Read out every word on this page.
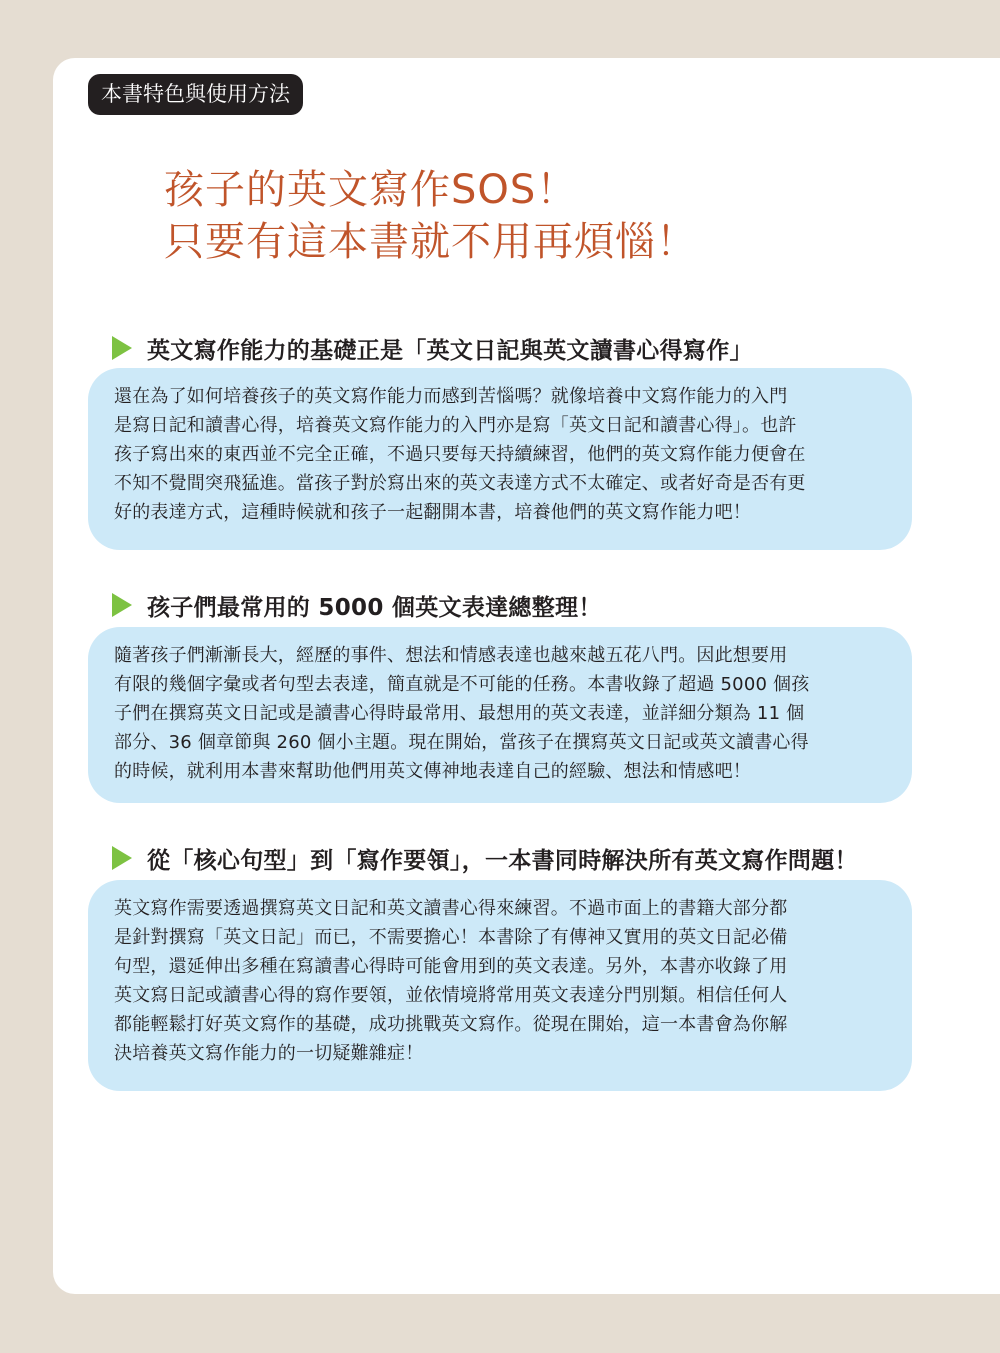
本書特色與使用方法
孩子的英文寫作SOS！
只要有這本書就不用再煩惱！
英文寫作能力的基礎正是「英文日記與英文讀書心得寫作」
還在為了如何培養孩子的英文寫作能力而感到苦惱嗎？就像培養中文寫作能力的入門
是寫日記和讀書心得，培養英文寫作能力的入門亦是寫「英文日記和讀書心得」。也許
孩子寫出來的東西並不完全正確，不過只要每天持續練習，他們的英文寫作能力便會在
不知不覺間突飛猛進。當孩子對於寫出來的英文表達方式不太確定、或者好奇是否有更
好的表達方式，這種時候就和孩子一起翻開本書，培養他們的英文寫作能力吧！
孩子們最常用的 5000 個英文表達總整理！
隨著孩子們漸漸長大，經歷的事件、想法和情感表達也越來越五花八門。因此想要用
有限的幾個字彙或者句型去表達，簡直就是不可能的任務。本書收錄了超過 5000 個孩
子們在撰寫英文日記或是讀書心得時最常用、最想用的英文表達，並詳細分類為 11 個
部分、36 個章節與 260 個小主題。現在開始，當孩子在撰寫英文日記或英文讀書心得
的時候，就利用本書來幫助他們用英文傳神地表達自己的經驗、想法和情感吧！
從「核心句型」到「寫作要領」，一本書同時解決所有英文寫作問題！
英文寫作需要透過撰寫英文日記和英文讀書心得來練習。不過市面上的書籍大部分都
是針對撰寫「英文日記」而已，不需要擔心！本書除了有傳神又實用的英文日記必備
句型，還延伸出多種在寫讀書心得時可能會用到的英文表達。另外，本書亦收錄了用
英文寫日記或讀書心得的寫作要領，並依情境將常用英文表達分門別類。相信任何人
都能輕鬆打好英文寫作的基礎，成功挑戰英文寫作。從現在開始，這一本書會為你解
決培養英文寫作能力的一切疑難雜症！
